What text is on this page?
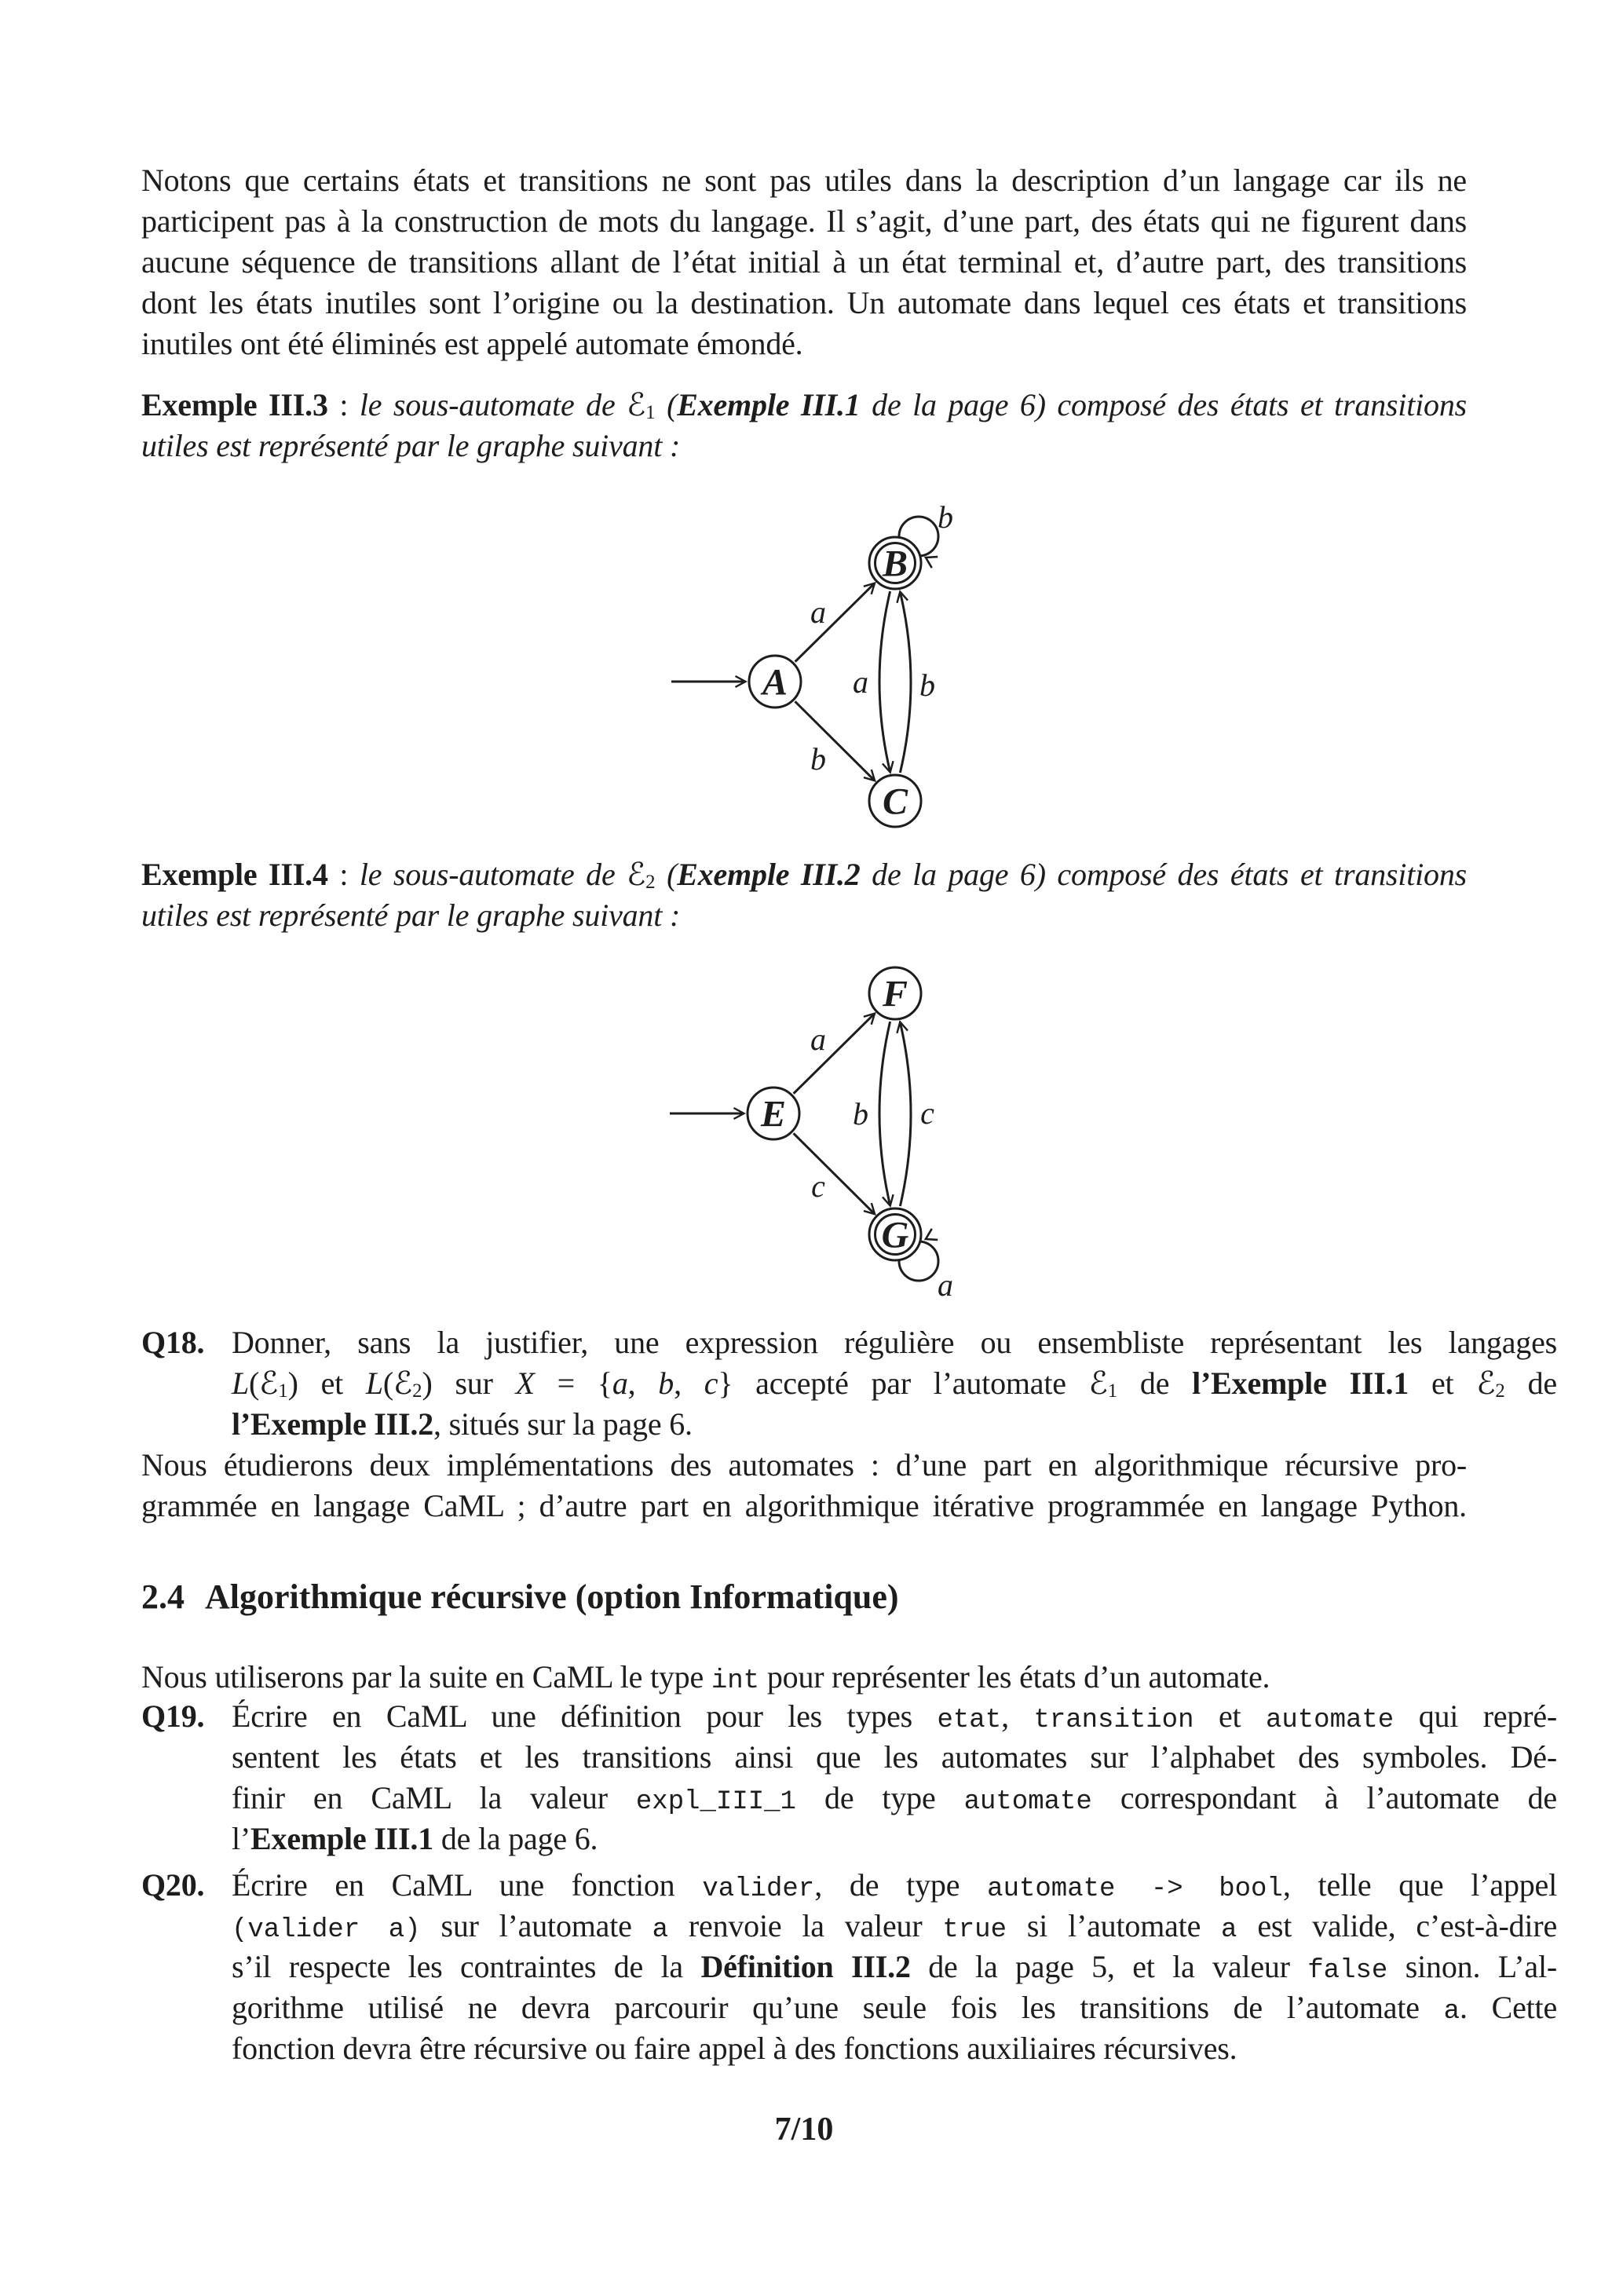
Notons que certains états et transitions ne sont pas utiles dans la description d’un langage car ils ne
participent pas à la construction de mots du langage. Il s’agit, d’une part, des états qui ne figurent dans
aucune séquence de transitions allant de l’état initial à un état terminal et, d’autre part, des transitions
dont les états inutiles sont l’origine ou la destination. Un automate dans lequel ces états et transitions
inutiles ont été éliminés est appelé automate émondé.
Exemple III.3 : le sous-automate de ℰ1 (Exemple III.1 de la page 6) composé des états et transitions
utiles est représenté par le graphe suivant :
a
b
a b
b
A
B
C
Exemple III.4 : le sous-automate de ℰ2 (Exemple III.2 de la page 6) composé des états et transitions
utiles est représenté par le graphe suivant :
a
c
b c
a
E
F
G
Q18. Donner, sans la justifier, une expression régulière ou ensembliste représentant les langages
L(ℰ1) et L(ℰ2) sur X = {a, b, c} accepté par l’automate ℰ1 de l’Exemple III.1 et ℰ2 de
l’Exemple III.2, situés sur la page 6.
Nous étudierons deux implémentations des automates : d’une part en algorithmique récursive pro-
grammée en langage CaML ; d’autre part en algorithmique itérative programmée en langage Python.
2.4 Algorithmique récursive (option Informatique)
Nous utiliserons par la suite en CaML le type int pour représenter les états d’un automate.
Q19. Écrire en CaML une définition pour les types etat, transition et automate qui repré-
sentent les états et les transitions ainsi que les automates sur l’alphabet des symboles. Dé-
finir en CaML la valeur expl_III_1 de type automate correspondant à l’automate de
l’Exemple III.1 de la page 6.
Q20. Écrire en CaML une fonction valider, de type automate -> bool, telle que l’appel
(valider a) sur l’automate a renvoie la valeur true si l’automate a est valide, c’est-à-dire
s’il respecte les contraintes de la Définition III.2 de la page 5, et la valeur false sinon. L’al-
gorithme utilisé ne devra parcourir qu’une seule fois les transitions de l’automate a. Cette
fonction devra être récursive ou faire appel à des fonctions auxiliaires récursives.
7/10
